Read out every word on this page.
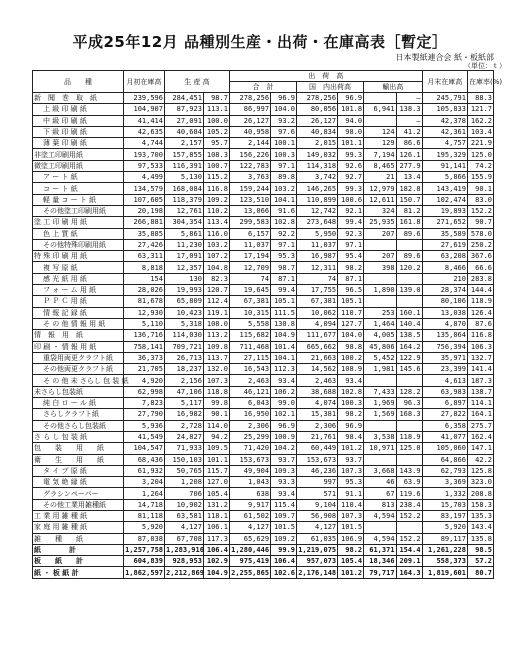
平成25年12月 品種別生産・出荷・在庫高表［暫定］
日本製紙連合会 紙・板紙部
（単位：ｔ）
品　　種	月初在庫高	生 産 高		出　荷　高						月末在庫高	在庫率(%)
				合　計		国　内出荷高		輸出高			
新　聞　巻　取　紙	239,596	284,451	98.7	278,256	96.9	278,256	96.9		—	245,791	88.3
上 級 印 刷 紙	104,907	87,923	113.1	86,997	104.0	80,056	101.8	6,941	138.3	105,833	121.7
中 級 印 刷 紙	41,414	27,091	100.0	26,127	93.2	26,127	94.0		—	42,378	162.2
下 級 印 刷 紙	42,635	40,684	105.2	40,958	97.6	40,834	98.0	124	41.2	42,361	103.4
薄 葉 印 刷 紙	4,744	2,157	95.7	2,144	100.1	2,015	101.1	129	86.6	4,757	221.9
非塗工印刷用紙	193,700	157,855	108.3	156,226	100.3	149,032	99.3	7,194	126.1	195,329	125.0
微塗工印刷用紙	97,533	116,391	100.7	122,783	97.1	114,318	92.6	8,465	277.9	91,141	74.2
ア ー ト 紙	4,499	5,130	115.2	3,763	89.8	3,742	92.7	21	13.4	5,866	155.9
コ ー ト 紙	134,579	168,084	116.8	159,244	103.2	146,265	99.3	12,979	182.8	143,419	90.1
軽 量 コ ー ト 紙	107,605	118,379	109.2	123,510	104.1	110,899	100.6	12,611	150.7	102,474	83.0
その他塗工印刷用紙	20,198	12,761	110.2	13,066	91.6	12,742	92.1	324	81.2	19,893	152.2
塗 工 印 刷 用 紙	266,881	304,354	113.4	299,583	102.8	273,648	99.4	25,935	161.8	271,652	90.7
色 上 質 紙	35,885	5,861	116.0	6,157	92.2	5,950	92.3	207	89.6	35,589	578.0
その他特殊印刷用紙	27,426	11,230	103.2	11,037	97.1	11,037	97.1			27,619	250.2
特 殊 印 刷 用 紙	63,311	17,091	107.2	17,194	95.3	16,987	95.4	207	89.6	63,208	367.6
複 写 原 紙	8,818	12,357	104.8	12,709	98.7	12,311	98.2	398	120.2	8,466	66.6
感 光 紙 用 紙	154	130	82.3	74	87.1	74	87.1			210	283.8
フ ォ ー ム 用 紙	28,026	19,993	120.7	19,645	99.4	17,755	96.5	1,890	139.0	28,374	144.4
Ｐ Ｐ Ｃ 用 紙	81,678	65,809	112.4	67,381	105.1	67,381	105.1			80,106	118.9
情 報 記 録 紙	12,930	10,423	119.1	10,315	111.5	10,062	110.7	253	160.1	13,038	126.4
そ の 他 情 報 用 紙	5,110	5,318	108.0	5,558	130.8	4,094	127.7	1,464	140.4	4,870	87.6
情　報　用　紙	136,716	114,030	113.2	115,682	104.9	111,677	104.0	4,005	138.5	135,064	116.8
印 刷 ・ 情 報 用 紙	758,141	709,721	109.8	711,468	101.4	665,662	98.8	45,806	164.2	756,394	106.3
重袋用両更クラフト紙	36,373	26,713	113.7	27,115	104.1	21,663	100.2	5,452	122.9	35,971	132.7
その他両更クラフト紙	21,705	18,237	132.0	16,543	112.3	14,562	108.9	1,981	145.6	23,399	141.4
そ の 他 未 さらし 包 装 紙	4,920	2,156	107.3	2,463	93.4	2,463	93.4			4,613	187.3
未さらし包装紙	62,998	47,106	118.8	46,121	106.2	38,688	102.8	7,433	128.2	63,983	138.7
純 白 ロ ー ル 紙	7,823	5,117	99.8	6,043	99.0	4,074	100.3	1,969	96.3	6,897	114.1
さらしクラフト紙	27,790	16,982	90.1	16,950	102.1	15,381	98.2	1,569	168.3	27,822	164.1
その他さらし包装紙	5,936	2,728	114.0	2,306	96.9	2,306	96.9			6,358	275.7
さ ら し 包 装 紙	41,549	24,827	94.2	25,299	100.9	21,761	98.4	3,538	118.9	41,077	162.4
包　　装　　用　　紙	104,547	71,933	109.5	71,420	104.2	60,449	101.2	10,971	125.0	105,060	147.1
衛　　生　　用　　紙	68,436	150,103	101.1	153,673	93.7	153,673	93.7			64,866	42.2
タ イ プ 原 紙	61,932	50,765	115.7	49,904	109.3	46,236	107.3	3,668	143.9	62,793	125.8
電 気 絶 縁 紙	3,204	1,208	127.0	1,043	93.3	997	95.3	46	63.9	3,369	323.0
グラシンペーパー	1,264	706	105.4	638	93.4	571	91.1	67	119.6	1,332	208.8
その他工業用雑種紙	14,718	10,902	131.2	9,917	115.4	9,104	110.4	813	238.4	15,703	158.3
工 業 用 雑 種 紙	81,118	63,581	118.1	61,502	109.7	56,908	107.3	4,594	152.2	83,197	135.3
家 庭 用 雑 種 紙	5,920	4,127	106.1	4,127	101.5	4,127	101.5			5,920	143.4
雑　　種　　紙	87,038	67,708	117.3	65,629	109.2	61,035	106.9	4,594	152.2	89,117	135.8
紙　　　　計	1,257,758	1,283,916	106.4	1,280,446	99.9	1,219,075	98.2	61,371	154.4	1,261,228	98.5
板　　紙　　計	604,839	928,953	102.9	975,419	106.4	957,073	105.4	18,346	209.1	558,373	57.2
紙 ・ 板 紙 計	1,862,597	2,212,869	104.9	2,255,865	102.6	2,176,148	101.2	79,717	164.3	1,819,601	80.7
